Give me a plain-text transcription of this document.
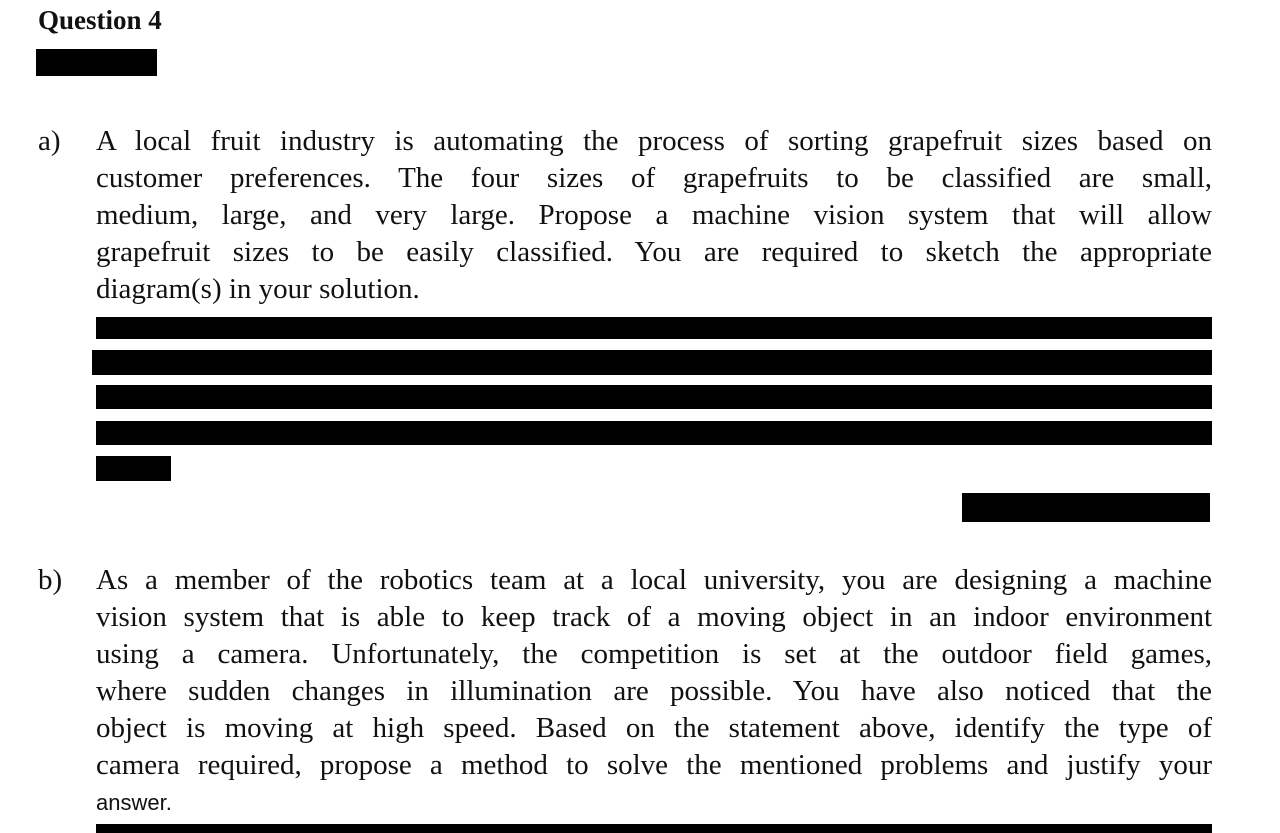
Question 4
a) A local fruit industry is automating the process of sorting grapefruit sizes based on
customer preferences. The four sizes of grapefruits to be classified are small,
medium, large, and very large. Propose a machine vision system that will allow
grapefruit sizes to be easily classified. You are required to sketch the appropriate
diagram(s) in your solution.
b) As a member of the robotics team at a local university, you are designing a machine
vision system that is able to keep track of a moving object in an indoor environment
using a camera. Unfortunately, the competition is set at the outdoor field games,
where sudden changes in illumination are possible. You have also noticed that the
object is moving at high speed. Based on the statement above, identify the type of
camera required, propose a method to solve the mentioned problems and justify your
answer.
